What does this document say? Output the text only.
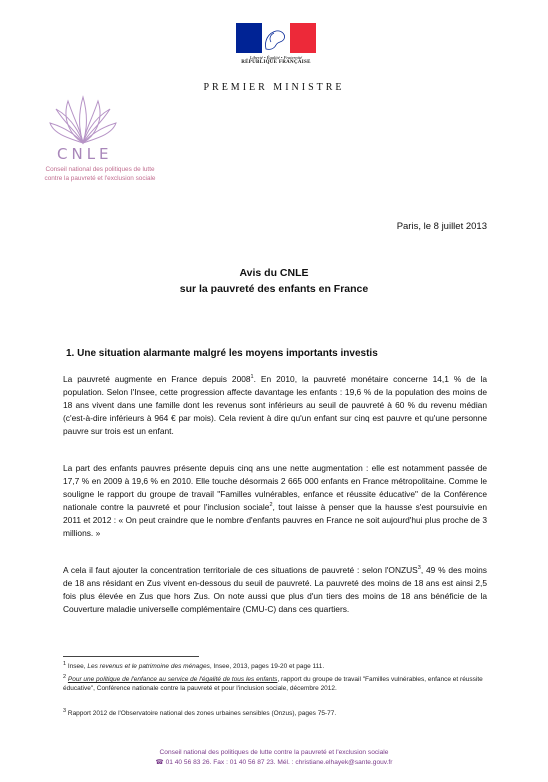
Liberté • Égalité • Fraternité
RÉPUBLIQUE FRANÇAISE
PREMIER MINISTRE
CNLE
Conseil national des politiques de lutte
contre la pauvreté et l'exclusion sociale
Paris, le 8 juillet 2013
Avis du CNLE
sur la pauvreté des enfants en France
1. Une situation alarmante malgré les moyens importants investis
La pauvreté augmente en France depuis 2008$^1$. En 2010, la pauvreté monétaire concerne 14,1 % de la population. Selon l'Insee, cette progression affecte davantage les enfants : 19,6 % de la population des moins de 18 ans vivent dans une famille dont les revenus sont inférieurs au seuil de pauvreté à 60 % du revenu médian (c'est-à-dire inférieurs à 964 € par mois). Cela revient à dire qu'un enfant sur cinq est pauvre et qu'une personne pauvre sur trois est un enfant.
La part des enfants pauvres présente depuis cinq ans une nette augmentation : elle est notamment passée de 17,7 % en 2009 à 19,6 % en 2010. Elle touche désormais 2 665 000 enfants en France métropolitaine. Comme le souligne le rapport du groupe de travail "Familles vulnérables, enfance et réussite éducative" de la Conférence nationale contre la pauvreté et pour l'inclusion sociale$^2$, tout laisse à penser que la hausse s'est poursuivie en 2011 et 2012 : « On peut craindre que le nombre d'enfants pauvres en France ne soit aujourd'hui plus proche de 3 millions. »
A cela il faut ajouter la concentration territoriale de ces situations de pauvreté : selon l'ONZUS$^3$, 49 % des moins de 18 ans résidant en Zus vivent en-dessous du seuil de pauvreté. La pauvreté des moins de 18 ans est ainsi 2,5 fois plus élevée en Zus que hors Zus. On note aussi que plus d'un tiers des moins de 18 ans bénéficie de la Couverture maladie universelle complémentaire (CMU-C) dans ces quartiers.
$^1$ Insee, Les revenus et le patrimoine des ménages, Insee, 2013, pages 19-20 et page 111.
$^2$ Pour une politique de l'enfance au service de l'égalité de tous les enfants, rapport du groupe de travail "Familles vulnérables, enfance et réussite éducative", Conférence nationale contre la pauvreté et pour l'inclusion sociale, décembre 2012.
$^3$ Rapport 2012 de l'Observatoire national des zones urbaines sensibles (Onzus), pages 75-77.
Conseil national des politiques de lutte contre la pauvreté et l'exclusion sociale
☎ 01 40 56 83 26. Fax : 01 40 56 87 23. Mél. : christiane.elhayek@sante.gouv.fr
